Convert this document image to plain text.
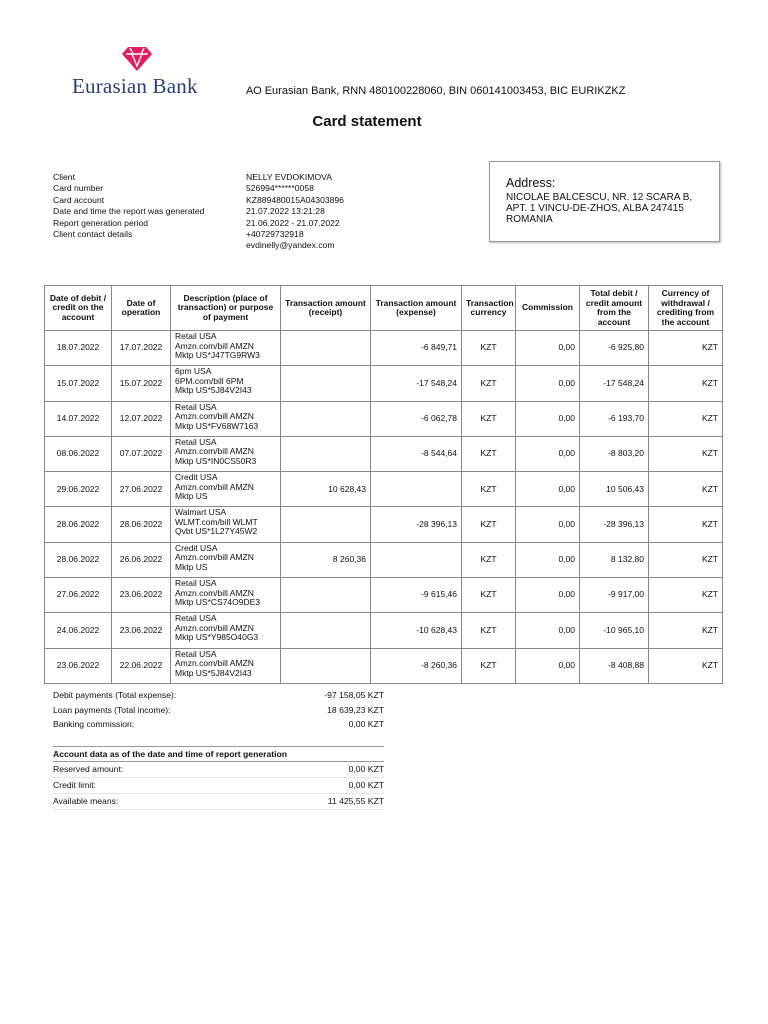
Eurasian Bank	АО Eurasian Bank, RNN 480100228060, BIN 060141003453, BIC EURIKZKZ
Card statement
Client	NELLY EVDOKIMOVA
Card number	526994******0058
Card account	KZ889480015A04303896
Date and time the report was generated	21.07.2022 13:21:28
Report generation period	21.06.2022 - 21.07.2022
Client contact details	+40729732918
evdinelly@yandex.com
Address:
NICOLAE BALCESCU, NR. 12 SCARA B, APT. 1 VINCU-DE-ZHOS, ALBA 247415 ROMANIA
Date of debit / credit on the account	Date of operation	Description (place of transaction) or purpose of payment	Transaction amount (receipt)	Transaction amount (expense)	Transaction currency	Commission	Total debit / credit amount from the account	Currency of withdrawal / crediting from the account
18.07.2022	17.07.2022	Retail USA
Amzn.com/bill AMZN
Mktp US*J47TG9RW3		-6 849,71	KZT	0,00	-6 925,80	KZT
15.07.2022	15.07.2022	6pm USA
6PM.com/bill 6PM
Mktp US*5J84V2I43		-17 548,24	KZT	0,00	-17 548,24	KZT
14.07.2022	12.07.2022	Retail USA
Amzn.com/bill AMZN
Mktp US*FV68W7163		-6 062,78	KZT	0,00	-6 193,70	KZT
08.06.2022	07.07.2022	Retail USA
Amzn.com/bill AMZN
Mktp US*IN0CS50R3		-8 544,64	KZT	0,00	-8 803,20	KZT
29.06.2022	27.06.2022	Credit USA
Amzn.com/bill AMZN
Mktp US	10 628,43		KZT	0,00	10 506,43	KZT
28.06.2022	28.06.2022	Walmart USA
WLMT.com/bill WLMT
Qvbt US*1L27Y45W2		-28 396,13	KZT	0,00	-28 396,13	KZT
28.06.2022	26.06.2022	Credit USA
Amzn.com/bill AMZN
Mktp US	8 260,36		KZT	0,00	8 132,80	KZT
27.06.2022	23.06.2022	Retail USA
Amzn.com/bill AMZN
Mktp US*CS74O9DE3		-9 615,46	KZT	0,00	-9 917,00	KZT
24.06.2022	23.06.2022	Retail USA
Amzn.com/bill AMZN
Mktp US*Y985O40G3		-10 628,43	KZT	0,00	-10 965,10	KZT
23.06.2022	22.06.2022	Retail USA
Amzn.com/bill AMZN
Mktp US*5J84V2I43		-8 260,36	KZT	0,00	-8 408,88	KZT
Debit payments (Total expense):	-97 158,05 KZT
Loan payments (Total income):	18 639,23 KZT
Banking commission:	0,00 KZT
Account data as of the date and time of report generation
Reserved amount:	0,00 KZT
Credit limit:	0,00 KZT
Available means:	11 425,55 KZT
